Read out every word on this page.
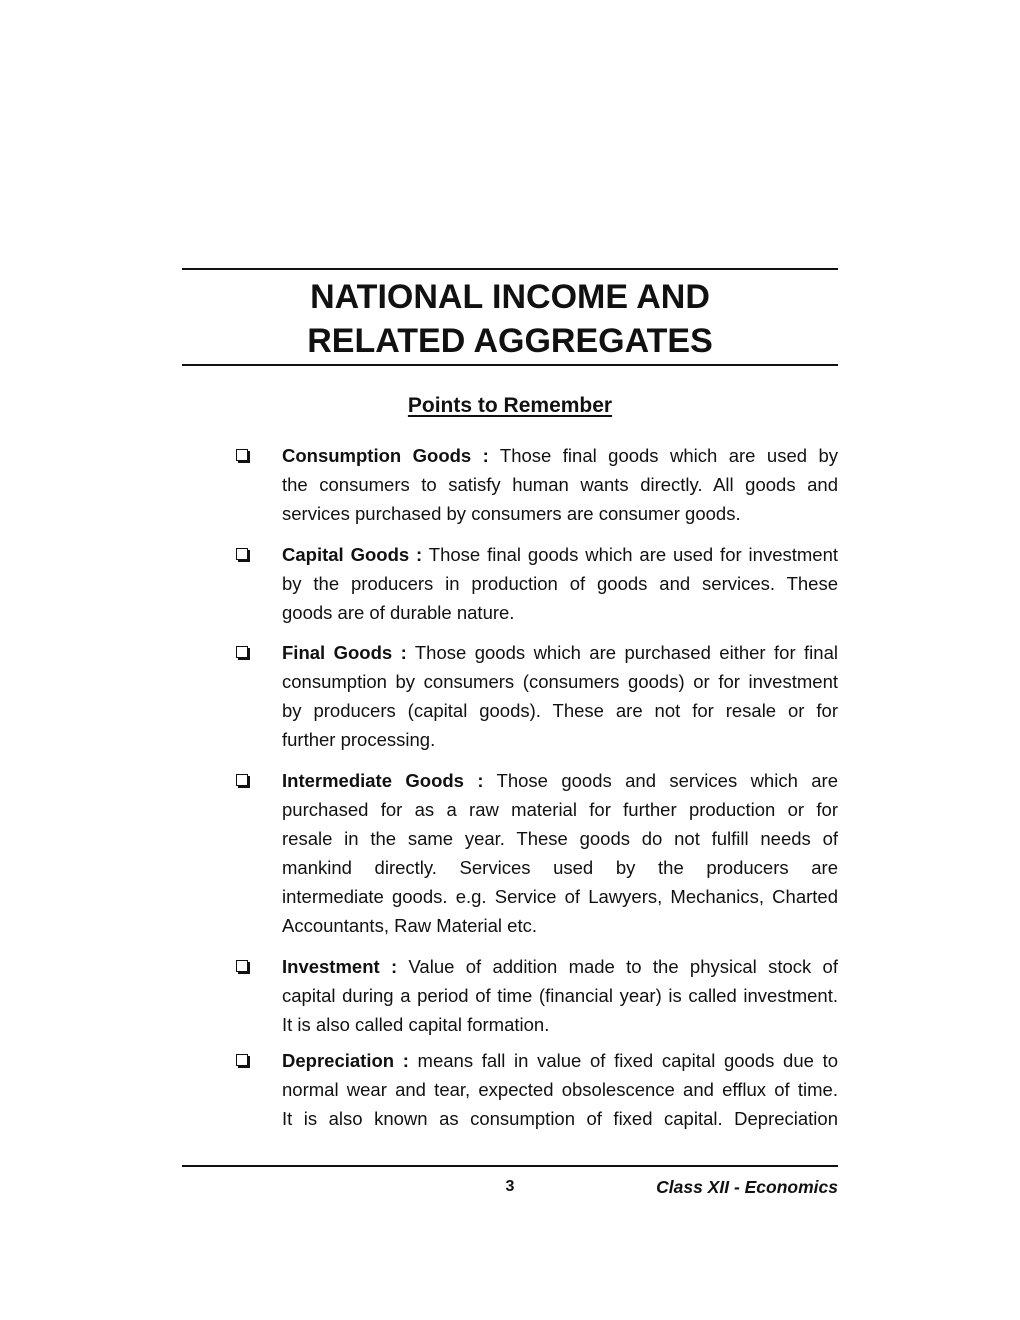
NATIONAL INCOME AND
RELATED AGGREGATES
Points to Remember
Consumption Goods : Those final goods which are used by
the consumers to satisfy human wants directly. All goods and
services purchased by consumers are consumer goods.
Capital Goods : Those final goods which are used for investment
by the producers in production of goods and services. These
goods are of durable nature.
Final Goods : Those goods which are purchased either for final
consumption by consumers (consumers goods) or for investment
by producers (capital goods). These are not for resale or for
further processing.
Intermediate Goods : Those goods and services which are
purchased for as a raw material for further production or for
resale in the same year. These goods do not fulfill needs of
mankind directly. Services used by the producers are
intermediate goods. e.g. Service of Lawyers, Mechanics, Charted
Accountants, Raw Material etc.
Investment : Value of addition made to the physical stock of
capital during a period of time (financial year) is called investment.
It is also called capital formation.
Depreciation : means fall in value of fixed capital goods due to
normal wear and tear, expected obsolescence and efflux of time.
It is also known as consumption of fixed capital. Depreciation
3	Class XII - Economics
